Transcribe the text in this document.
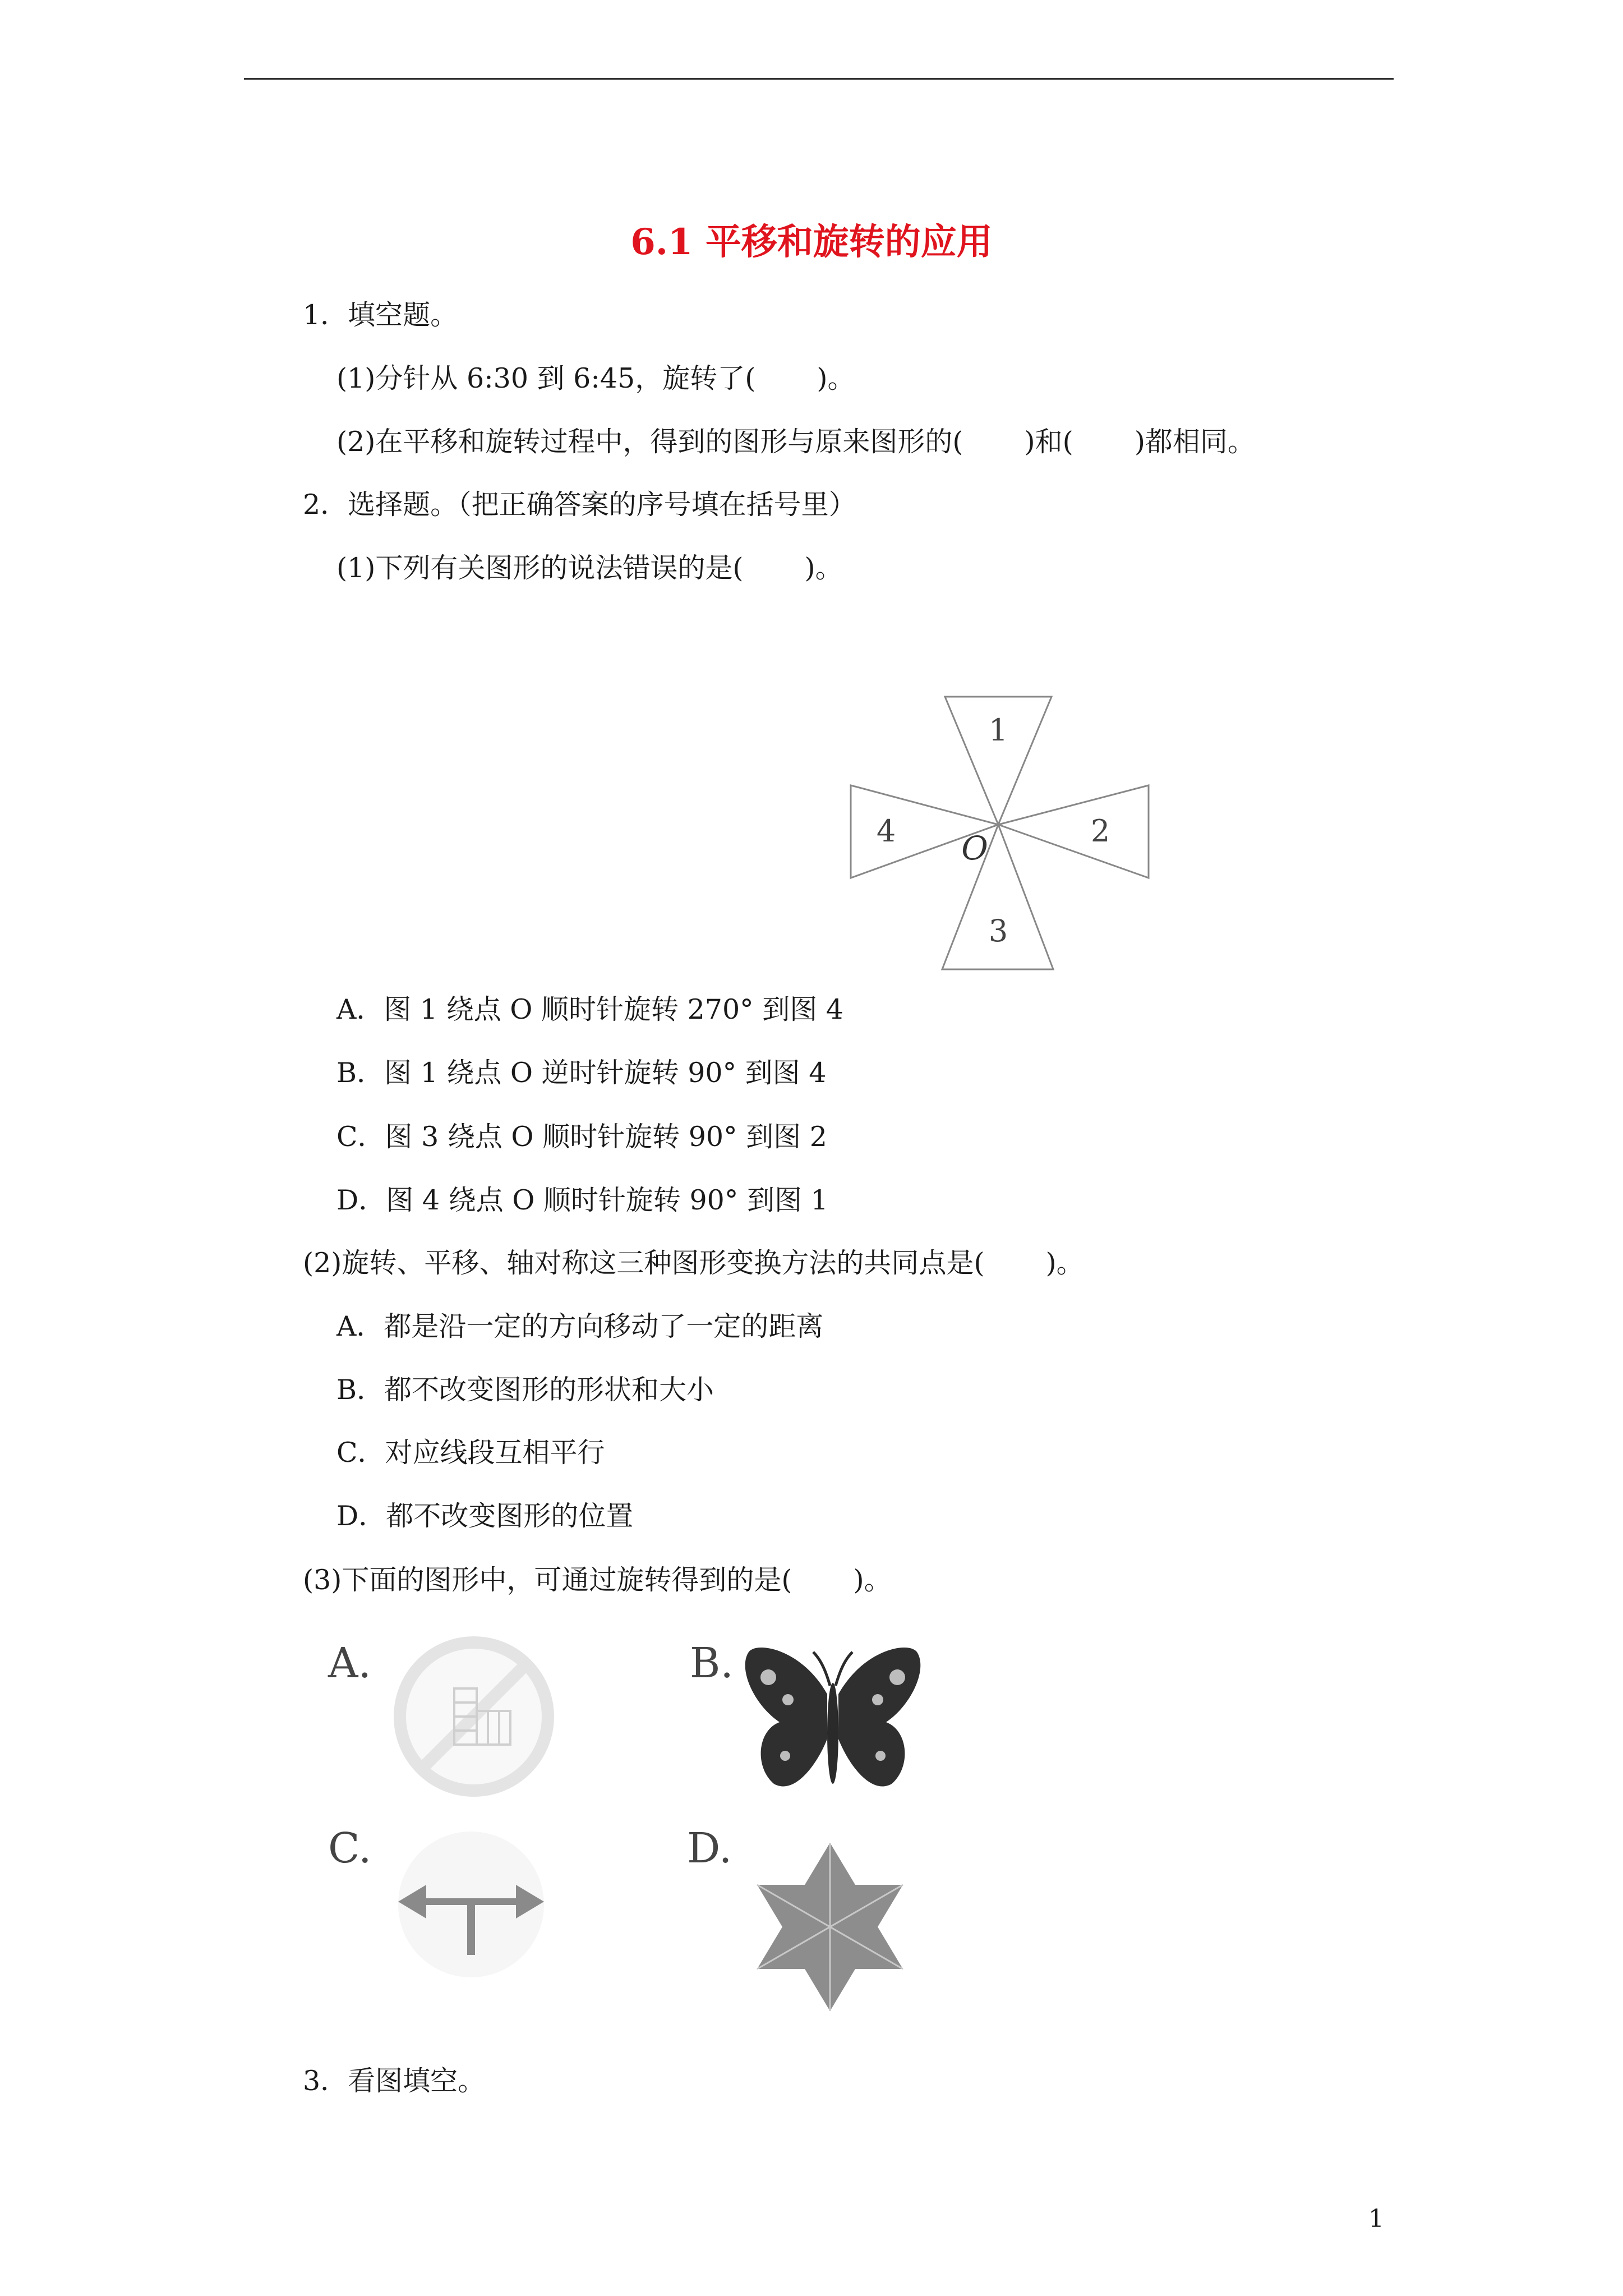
6.1 平移和旋转的应用
1．填空题。
(1)分针从 6:30 到 6:45，旋转了(       )。
(2)在平移和旋转过程中，得到的图形与原来图形的(       )和(       )都相同。
2．选择题。（把正确答案的序号填在括号里）
(1)下列有关图形的说法错误的是(       )。
1
2
3
4 O
A．图 1 绕点 O 顺时针旋转 270° 到图 4
B．图 1 绕点 O 逆时针旋转 90° 到图 4
C．图 3 绕点 O 顺时针旋转 90° 到图 2
D．图 4 绕点 O 顺时针旋转 90° 到图 1
(2)旋转、平移、轴对称这三种图形变换方法的共同点是(       )。
A．都是沿一定的方向移动了一定的距离
B．都不改变图形的形状和大小
C．对应线段互相平行
D．都不改变图形的位置
(3)下面的图形中，可通过旋转得到的是(       )。
A.	B.
C.	D.
3．看图填空。
1
